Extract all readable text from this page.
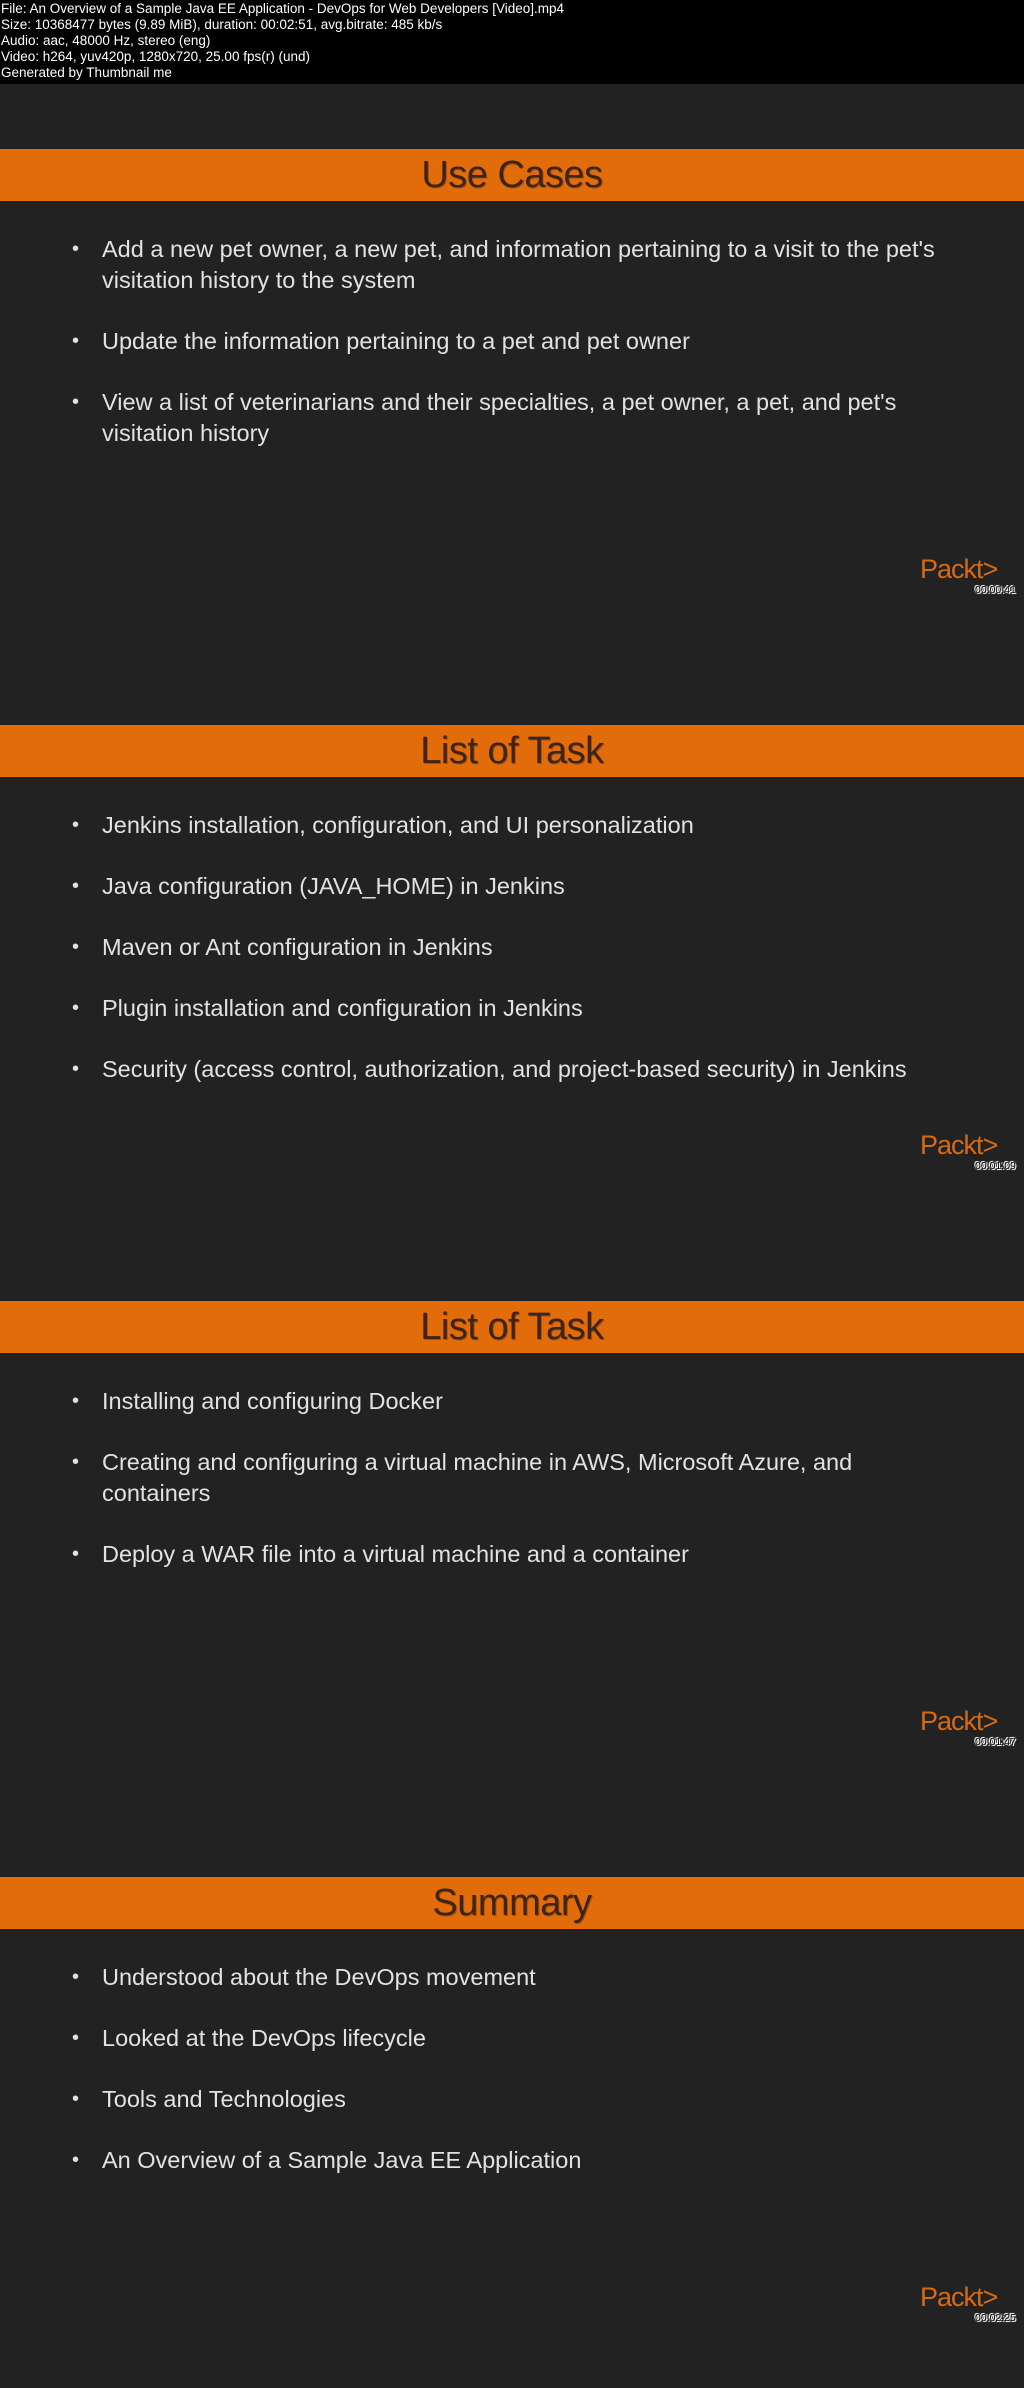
File: An Overview of a Sample Java EE Application - DevOps for Web Developers [Video].mp4
Size: 10368477 bytes (9.89 MiB), duration: 00:02:51, avg.bitrate: 485 kb/s
Audio: aac, 48000 Hz, stereo (eng)
Video: h264, yuv420p, 1280x720, 25.00 fps(r) (und)
Generated by Thumbnail me
Use Cases
• Add a new pet owner, a new pet, and information pertaining to a visit to the pet's visitation history to the system
• Update the information pertaining to a pet and pet owner
• View a list of veterinarians and their specialties, a pet owner, a pet, and pet's visitation history
Packt>
00:00:41
List of Task
• Jenkins installation, configuration, and UI personalization
• Java configuration (JAVA_HOME) in Jenkins
• Maven or Ant configuration in Jenkins
• Plugin installation and configuration in Jenkins
• Security (access control, authorization, and project-based security) in Jenkins
Packt>
00:01:09
List of Task
• Installing and configuring Docker
• Creating and configuring a virtual machine in AWS, Microsoft Azure, and containers
• Deploy a WAR file into a virtual machine and a container
Packt>
00:01:47
Summary
• Understood about the DevOps movement
• Looked at the DevOps lifecycle
• Tools and Technologies
• An Overview of a Sample Java EE Application
Packt>
00:02:25
